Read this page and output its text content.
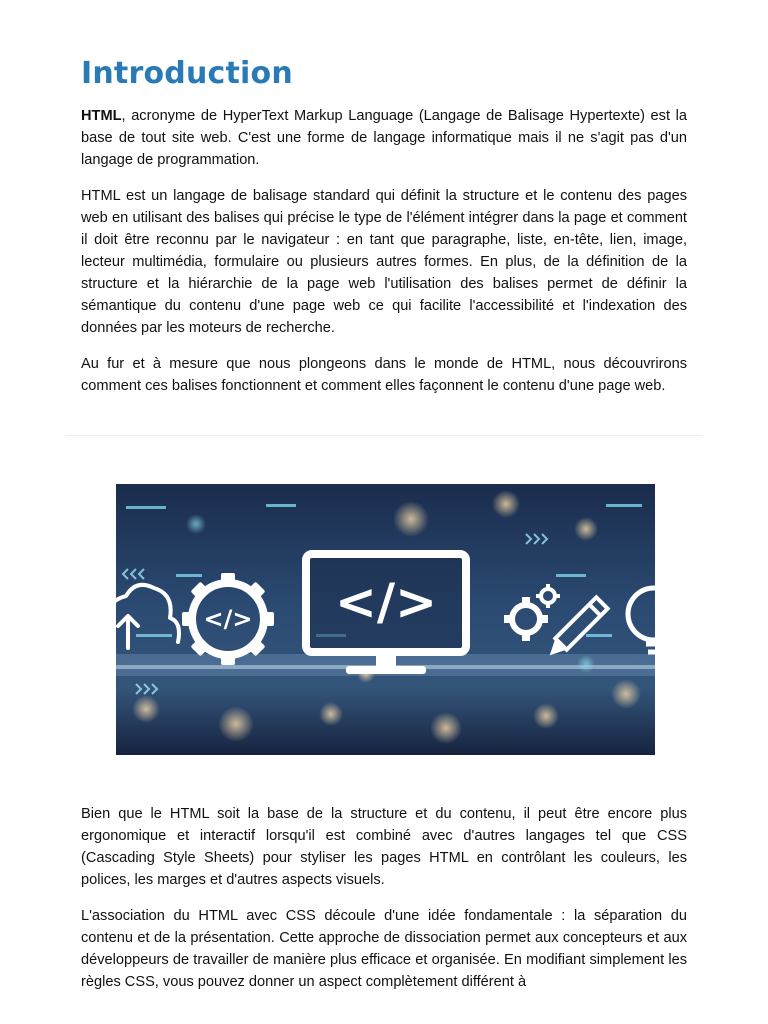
Introduction

HTML, acronyme de HyperText Markup Language (Langage de Balisage Hypertexte) est la base de tout site web. C'est une forme de langage informatique mais il ne s'agit pas d'un langage de programmation.

HTML est un langage de balisage standard qui définit la structure et le contenu des pages web en utilisant des balises qui précise le type de l'élément intégrer dans la page et comment il doit être reconnu par le navigateur : en tant que paragraphe, liste, en-tête, lien, image, lecteur multimédia, formulaire ou plusieurs autres formes. En plus, de la définition de la structure et la hiérarchie de la page web l'utilisation des balises permet de définir la sémantique du contenu d'une page web ce qui facilite l'accessibilité et l'indexation des données par les moteurs de recherche.

Au fur et à mesure que nous plongeons dans le monde de HTML, nous découvrirons comment ces balises fonctionnent et comment elles façonnent le contenu d'une page web.

</> </>

Bien que le HTML soit la base de la structure et du contenu, il peut être encore plus ergonomique et interactif lorsqu'il est combiné avec d'autres langages tel que CSS (Cascading Style Sheets) pour styliser les pages HTML en contrôlant les couleurs, les polices, les marges et d'autres aspects visuels.

L'association du HTML avec CSS découle d'une idée fondamentale : la séparation du contenu et de la présentation. Cette approche de dissociation permet aux concepteurs et aux développeurs de travailler de manière plus efficace et organisée. En modifiant simplement les règles CSS, vous pouvez donner un aspect complètement différent à
